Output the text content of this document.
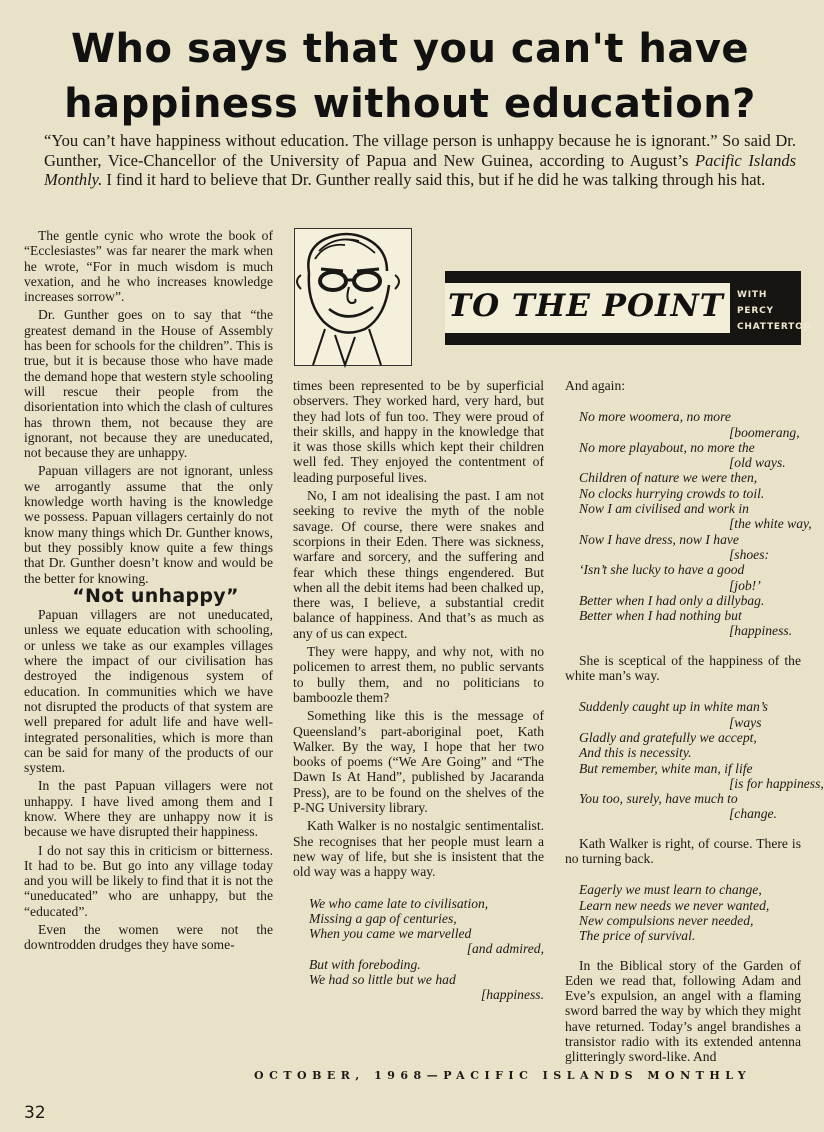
Who says that you can't have
happiness without education?
“You can’t have happiness without education. The village person is unhappy because he is ignorant.” So said Dr. Gunther, Vice-Chancellor of the University of Papua and New Guinea, according to August’s Pacific Islands Monthly. I find it hard to believe that Dr. Gunther really said this, but if he did he was talking through his hat.
TO THE POINT WITH
PERCY
CHATTERTON

The gentle cynic who wrote the book of “Ecclesiastes” was far nearer the mark when he wrote, “For in much wisdom is much vexation, and he who increases knowledge increases sorrow”.

Dr. Gunther goes on to say that “the greatest demand in the House of Assembly has been for schools for the children”. This is true, but it is because those who have made the demand hope that western style schooling will rescue their people from the disorientation into which the clash of cultures has thrown them, not because they are ignorant, not because they are uneducated, not because they are unhappy.

Papuan villagers are not ignorant, unless we arrogantly assume that the only knowledge worth having is the knowledge we possess. Papuan villagers certainly do not know many things which Dr. Gunther knows, but they possibly know quite a few things that Dr. Gunther doesn’t know and would be the better for knowing.

“Not unhappy”

Papuan villagers are not uneducated, unless we equate education with schooling, or unless we take as our examples villages where the impact of our civilisation has destroyed the indigenous system of education. In communities which we have not disrupted the products of that system are well prepared for adult life and have well-integrated personalities, which is more than can be said for many of the products of our system.

In the past Papuan villagers were not unhappy. I have lived among them and I know. Where they are unhappy now it is because we have disrupted their happiness.

I do not say this in criticism or bitterness. It had to be. But go into any village today and you will be likely to find that it is not the “uneducated” who are unhappy, but the “educated”.

Even the women were not the downtrodden drudges they have some-

times been represented to be by superficial observers. They worked hard, very hard, but they had lots of fun too. They were proud of their skills, and happy in the knowledge that it was those skills which kept their children well fed. They enjoyed the contentment of leading purposeful lives.

No, I am not idealising the past. I am not seeking to revive the myth of the noble savage. Of course, there were snakes and scorpions in their Eden. There was sickness, warfare and sorcery, and the suffering and fear which these things engendered. But when all the debit items had been chalked up, there was, I believe, a substantial credit balance of happiness. And that’s as much as any of us can expect.

They were happy, and why not, with no policemen to arrest them, no public servants to bully them, and no politicians to bamboozle them?

Something like this is the message of Queensland’s part-aboriginal poet, Kath Walker. By the way, I hope that her two books of poems (“We Are Going” and “The Dawn Is At Hand”, published by Jacaranda Press), are to be found on the shelves of the P-NG University library.

Kath Walker is no nostalgic sentimentalist. She recognises that her people must learn a new way of life, but she is insistent that the old way was a happy way.

We who came late to civilisation,
Missing a gap of centuries,
When you came we marvelled
[and admired,
But with foreboding.
We had so little but we had
[happiness.

And again:

No more woomera, no more
[boomerang,
No more playabout, no more the
[old ways.
Children of nature we were then,
No clocks hurrying crowds to toil.
Now I am civilised and work in
[the white way,
Now I have dress, now I have
[shoes:
‘Isn’t she lucky to have a good
[job!’
Better when I had only a dillybag.
Better when I had nothing but
[happiness.

She is sceptical of the happiness of the white man’s way.

Suddenly caught up in white man’s
[ways
Gladly and gratefully we accept,
And this is necessity.
But remember, white man, if life
[is for happiness,
You too, surely, have much to
[change.

Kath Walker is right, of course. There is no turning back.

Eagerly we must learn to change,
Learn new needs we never wanted,
New compulsions never needed,
The price of survival.

In the Biblical story of the Garden of Eden we read that, following Adam and Eve’s expulsion, an angel with a flaming sword barred the way by which they might have returned. Today’s angel brandishes a transistor radio with its extended antenna glitteringly sword-like. And

32
OCTOBER, 1968—PACIFIC ISLANDS MONTHLY
